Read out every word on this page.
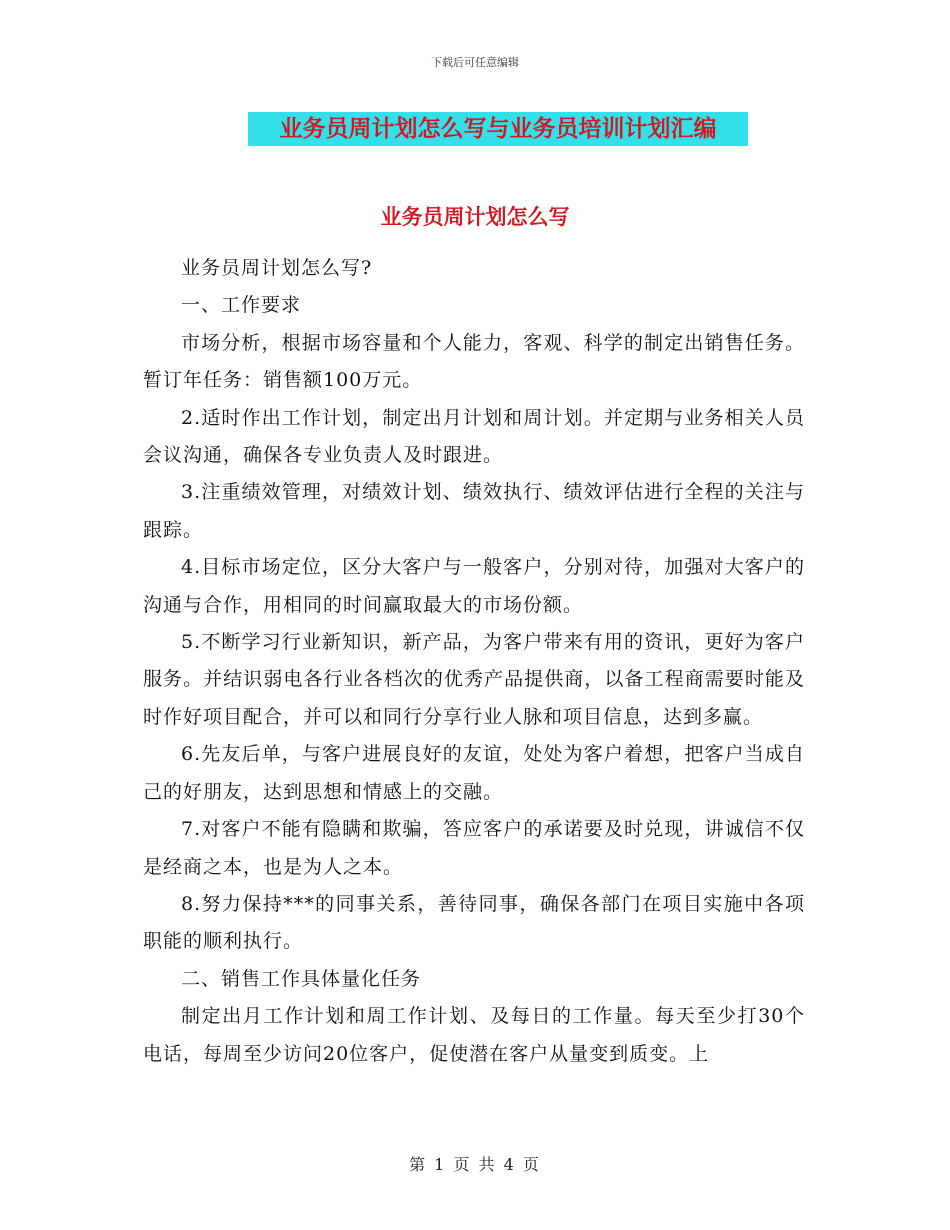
下载后可任意编辑
业务员周计划怎么写与业务员培训计划汇编
业务员周计划怎么写

业务员周计划怎么写?

一、工作要求

市场分析，根据市场容量和个人能力，客观、科学的制定出销售任务。暂订年任务：销售额100万元。

2.适时作出工作计划，制定出月计划和周计划。并定期与业务相关人员会议沟通，确保各专业负责人及时跟进。

3.注重绩效管理，对绩效计划、绩效执行、绩效评估进行全程的关注与跟踪。

4.目标市场定位，区分大客户与一般客户，分别对待，加强对大客户的沟通与合作，用相同的时间赢取最大的市场份额。

5.不断学习行业新知识，新产品，为客户带来有用的资讯，更好为客户服务。并结识弱电各行业各档次的优秀产品提供商，以备工程商需要时能及时作好项目配合，并可以和同行分享行业人脉和项目信息，达到多赢。

6.先友后单，与客户进展良好的友谊，处处为客户着想，把客户当成自己的好朋友，达到思想和情感上的交融。

7.对客户不能有隐瞒和欺骗，答应客户的承诺要及时兑现，讲诚信不仅是经商之本，也是为人之本。

8.努力保持***的同事关系，善待同事，确保各部门在项目实施中各项职能的顺利执行。

二、销售工作具体量化任务

制定出月工作计划和周工作计划、及每日的工作量。每天至少打30个电话，每周至少访问20位客户，促使潜在客户从量变到质变。上

第 1 页 共 4 页
